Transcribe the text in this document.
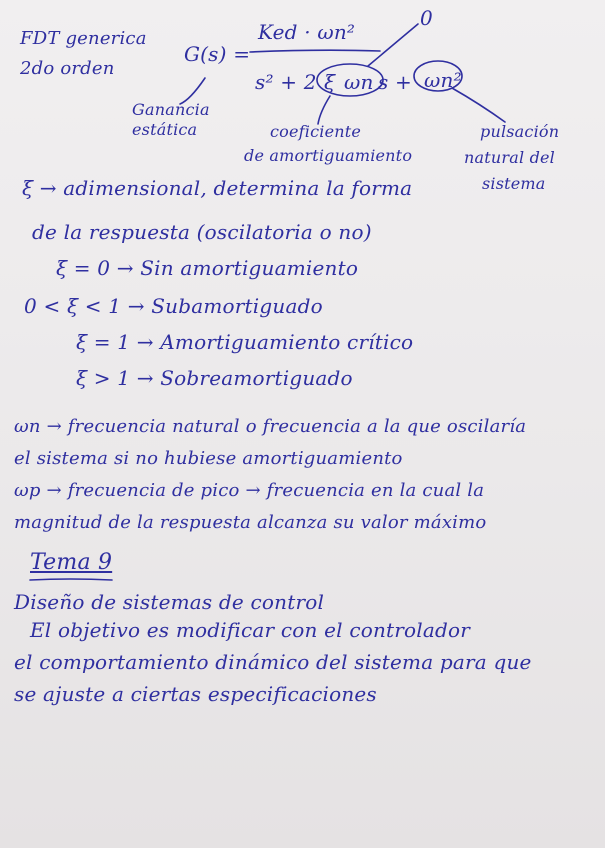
FDT generica
2do orden
G(s) =
Ked · ωn²
s² + 2 ξ ωn s + ωn²
0
Ganancia estática	coeficiente
de amortiguamiento
pulsación
natural del
sistema
ξ → adimensional, determina la forma
de la respuesta (oscilatoria o no)
ξ = 0 → Sin amortiguamiento
0 < ξ < 1 → Subamortiguado
ξ = 1 → Amortiguamiento crítico
ξ > 1 → Sobreamortiguado
ωn → frecuencia natural o frecuencia a la que oscilaría
el sistema si no hubiese amortiguamiento
ωp → frecuencia de pico → frecuencia en la cual la
magnitud de la respuesta alcanza su valor máximo
Tema 9
Diseño de sistemas de control
El objetivo es modificar con el controlador
el comportamiento dinámico del sistema para que
se ajuste a ciertas especificaciones
